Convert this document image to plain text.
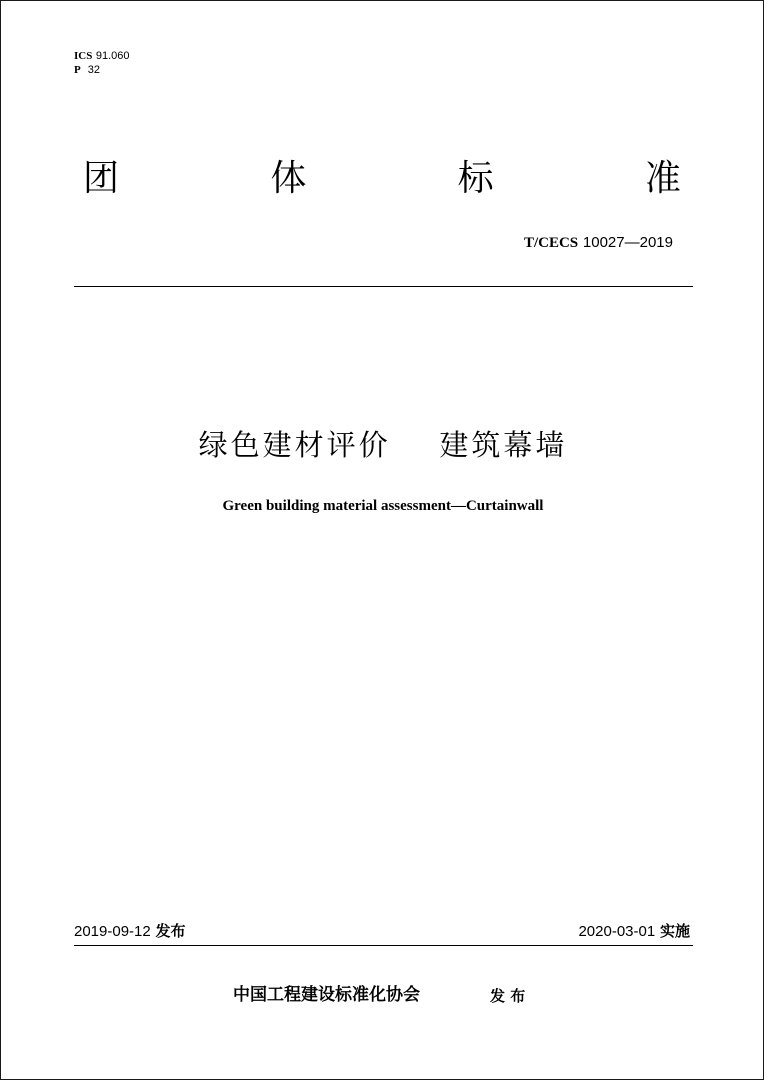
ICS 91.060
P 32
团	体	标	准
T/CECS 10027—2019
绿色建材评价    建筑幕墙
Green building material assessment—Curtainwall
2019-09-12 发布	2020-03-01 实施
中国工程建设标准化协会	发 布
